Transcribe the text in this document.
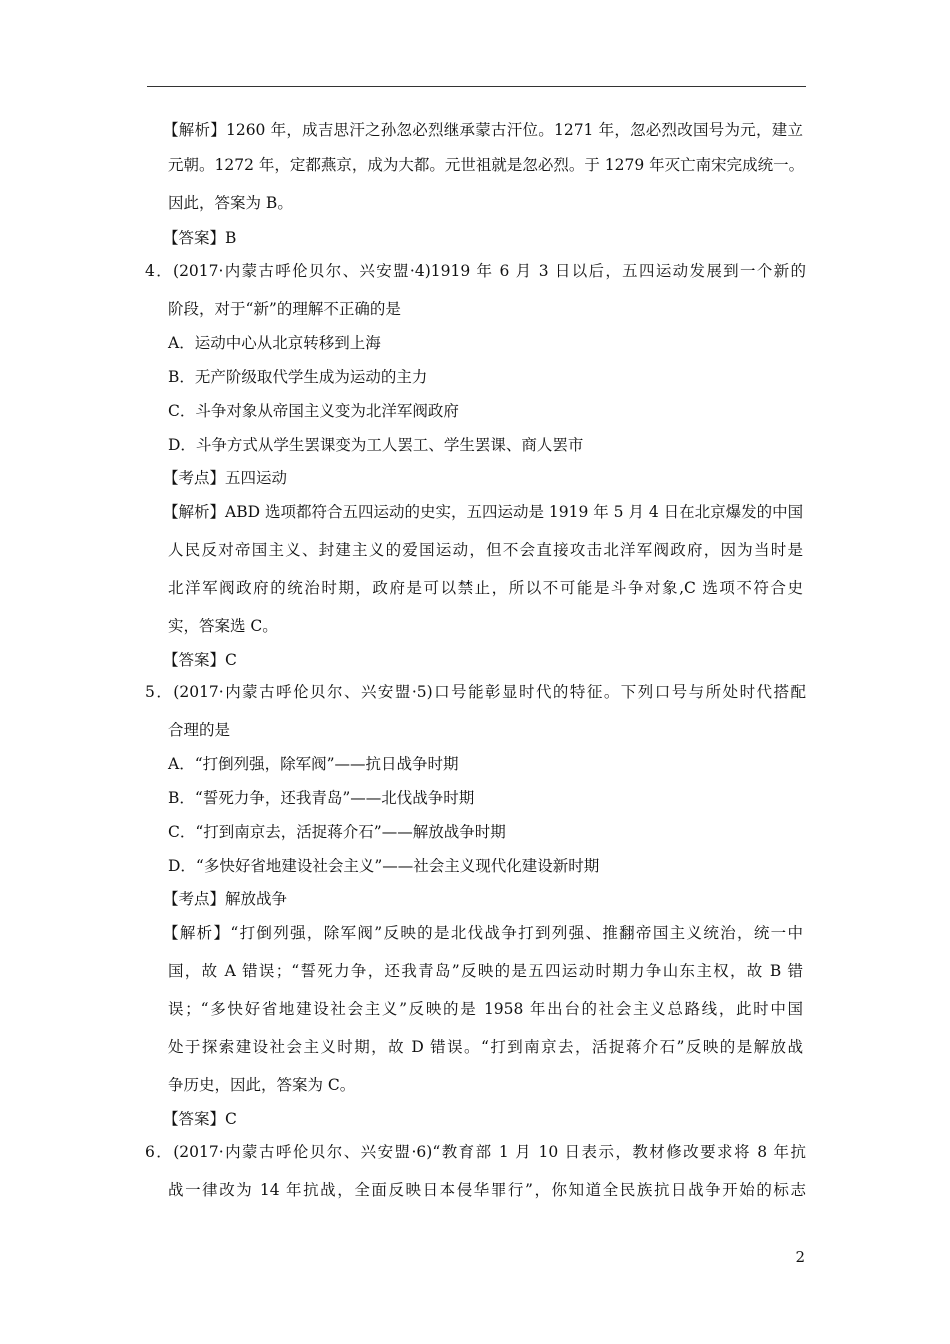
【解析】1260 年，成吉思汗之孙忽必烈继承蒙古汗位。1271 年，忽必烈改国号为元，建立
元朝。1272 年，定都燕京，成为大都。元世祖就是忽必烈。于 1279 年灭亡南宋完成统一。
因此，答案为 B。
【答案】B
4．(2017·内蒙古呼伦贝尔、兴安盟·4)1919 年 6 月 3 日以后，五四运动发展到一个新的
阶段，对于“新”的理解不正确的是
A．运动中心从北京转移到上海
B．无产阶级取代学生成为运动的主力
C．斗争对象从帝国主义变为北洋军阀政府
D．斗争方式从学生罢课变为工人罢工、学生罢课、商人罢市
【考点】五四运动
【解析】ABD 选项都符合五四运动的史实，五四运动是 1919 年 5 月 4 日在北京爆发的中国
人民反对帝国主义、封建主义的爱国运动，但不会直接攻击北洋军阀政府，因为当时是
北洋军阀政府的统治时期，政府是可以禁止，所以不可能是斗争对象,C 选项不符合史
实，答案选 C。
【答案】C
5．(2017·内蒙古呼伦贝尔、兴安盟·5)口号能彰显时代的特征。下列口号与所处时代搭配
合理的是
A．“打倒列强，除军阀”——抗日战争时期
B．“誓死力争，还我青岛”——北伐战争时期
C．“打到南京去，活捉蒋介石”——解放战争时期
D．“多快好省地建设社会主义”——社会主义现代化建设新时期
【考点】解放战争
【解析】“打倒列强，除军阀”反映的是北伐战争打到列强、推翻帝国主义统治，统一中
国，故 A 错误；“誓死力争，还我青岛”反映的是五四运动时期力争山东主权，故 B 错
误；“多快好省地建设社会主义”反映的是 1958 年出台的社会主义总路线，此时中国
处于探索建设社会主义时期，故 D 错误。“打到南京去，活捉蒋介石”反映的是解放战
争历史，因此，答案为 C。
【答案】C
6．(2017·内蒙古呼伦贝尔、兴安盟·6)“教育部 1 月 10 日表示，教材修改要求将 8 年抗
战一律改为 14 年抗战，全面反映日本侵华罪行”，你知道全民族抗日战争开始的标志
2
